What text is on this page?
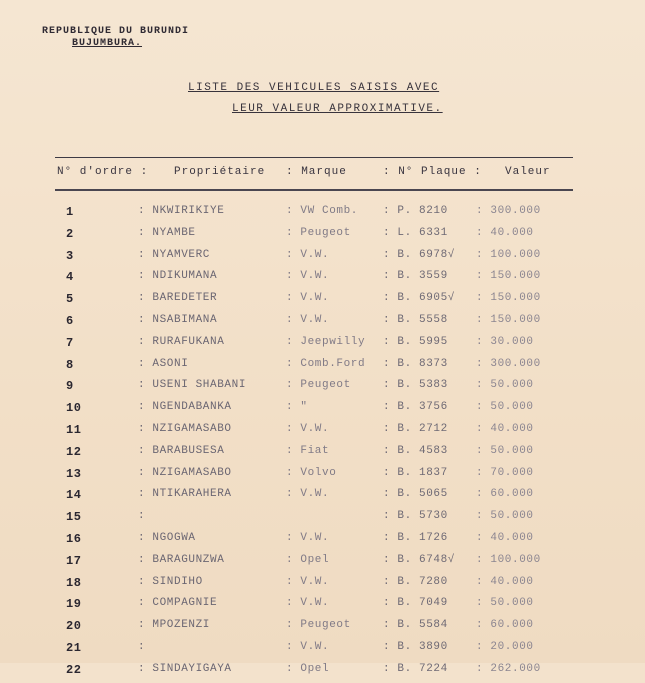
REPUBLIQUE DU BURUNDI
BUJUMBURA.
LISTE DES VEHICULES SAISIS AVEC
LEUR VALEUR APPROXIMATIVE.
N° d'ordre : Propriétaire : Marque	: N° Plaque : Valeur
1	: NKWIRIKIYE	: VW Comb. : P. 8210	: 300.000
2	: NYAMBE	: Peugeot	: L. 6331	: 40.000
3	: NYAMVERC	: V.W.	: B. 6978√ : 100.000
4	: NDIKUMANA	: V.W.	: B. 3559	: 150.000
5	: BAREDETER	: V.W.	: B. 6905√ : 150.000
6	: NSABIMANA	: V.W.	: B. 5558	: 150.000
7	: RURAFUKANA	: Jeepwilly : B. 5995	: 30.000
8	: ASONI	: Comb.Ford : B. 8373	: 300.000
9	: USENI SHABANI	: Peugeot	: B. 5383	: 50.000
10	: NGENDABANKA	: "	: B. 3756	: 50.000
11	: NZIGAMASABO	: V.W.	: B. 2712	: 40.000
12	: BARABUSESA	: Fiat	: B. 4583	: 50.000
13	: NZIGAMASABO	: Volvo	: B. 1837	: 70.000
14	: NTIKARAHERA	: V.W.	: B. 5065	: 60.000
15	:	: B. 5730	: 50.000
16	: NGOGWA	: V.W.	: B. 1726	: 40.000
17	: BARAGUNZWA	: Opel	: B. 6748√ : 100.000
18	: SINDIHO	: V.W.	: B. 7280	: 40.000
19	: COMPAGNIE	: V.W.	: B. 7049	: 50.000
20	: MPOZENZI	: Peugeot	: B. 5584	: 60.000
21	:	: V.W.	: B. 3890	: 20.000
22	: SINDAYIGAYA	: Opel	: B. 7224	: 262.000
